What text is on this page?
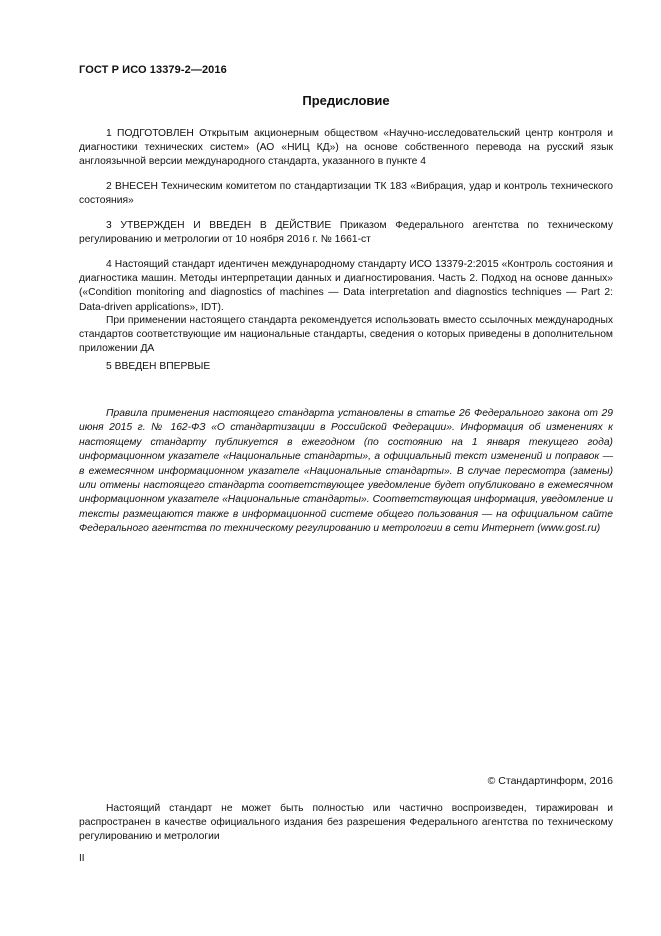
ГОСТ Р ИСО 13379-2—2016
Предисловие

1 ПОДГОТОВЛЕН Открытым акционерным обществом «Научно-исследовательский центр контроля и диагностики технических систем» (АО «НИЦ КД») на основе собственного перевода на русский язык англоязычной версии международного стандарта, указанного в пункте 4

2 ВНЕСЕН Техническим комитетом по стандартизации ТК 183 «Вибрация, удар и контроль технического состояния»

3 УТВЕРЖДЕН И ВВЕДЕН В ДЕЙСТВИЕ Приказом Федерального агентства по техническому регулированию и метрологии от 10 ноября 2016 г. № 1661-ст

4 Настоящий стандарт идентичен международному стандарту ИСО 13379-2:2015 «Контроль состояния и диагностика машин. Методы интерпретации данных и диагностирования. Часть 2. Подход на основе данных» («Condition monitoring and diagnostics of machines — Data interpretation and diagnostics techniques — Part 2: Data-driven applications», IDT).

При применении настоящего стандарта рекомендуется использовать вместо ссылочных международных стандартов соответствующие им национальные стандарты, сведения о которых приведены в дополнительном приложении ДА

5 ВВЕДЕН ВПЕРВЫЕ

Правила применения настоящего стандарта установлены в статье 26 Федерального закона от 29 июня 2015 г. № 162-ФЗ «О стандартизации в Российской Федерации». Информация об изменениях к настоящему стандарту публикуется в ежегодном (по состоянию на 1 января текущего года) информационном указателе «Национальные стандарты», а официальный текст изменений и поправок — в ежемесячном информационном указателе «Национальные стандарты». В случае пересмотра (замены) или отмены настоящего стандарта соответствующее уведомление будет опубликовано в ежемесячном информационном указателе «Национальные стандарты». Соответствующая информация, уведомление и тексты размещаются также в информационной системе общего пользования — на официальном сайте Федерального агентства по техническому регулированию и метрологии в сети Интернет (www.gost.ru)

© Стандартинформ, 2016

Настоящий стандарт не может быть полностью или частично воспроизведен, тиражирован и распространен в качестве официального издания без разрешения Федерального агентства по техническому регулированию и метрологии

II
